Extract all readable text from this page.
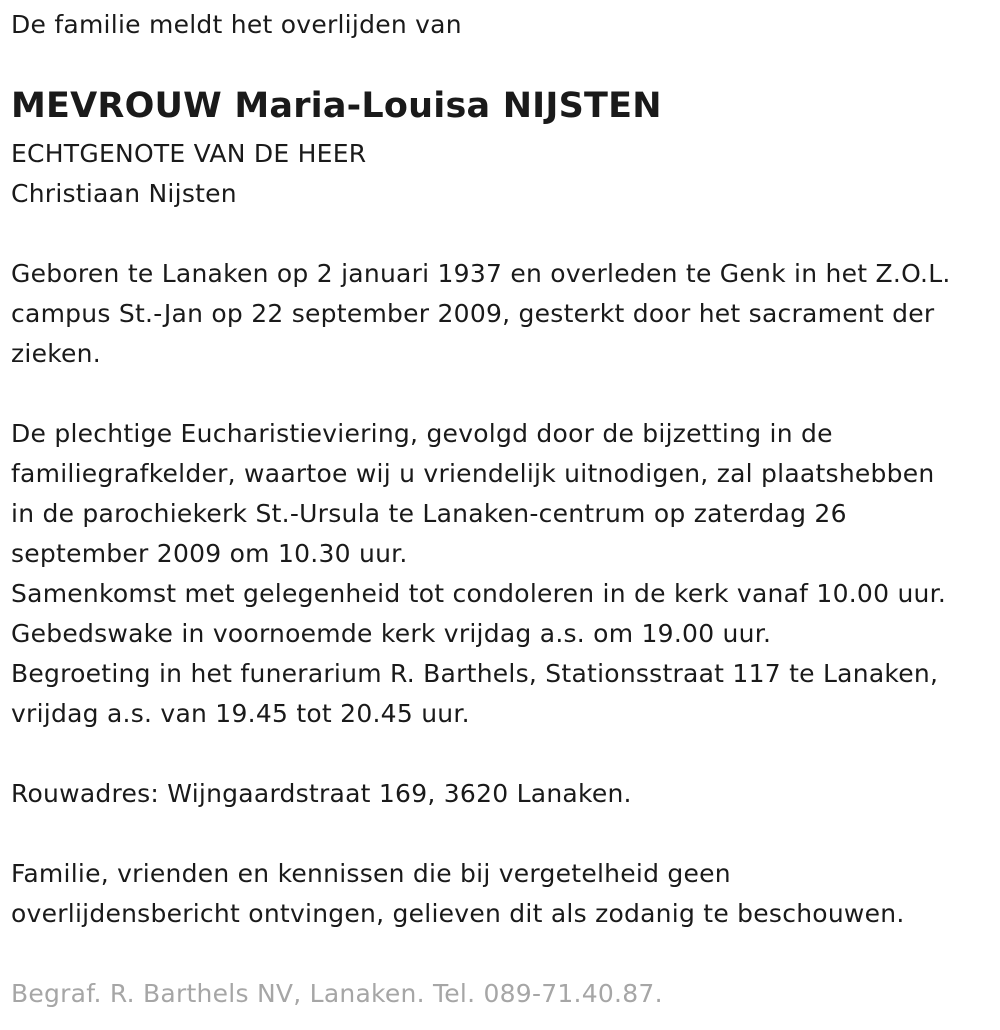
De familie meldt het overlijden van
MEVROUW Maria-Louisa NIJSTEN
ECHTGENOTE VAN DE HEER
Christiaan Nijsten
Geboren te Lanaken op 2 januari 1937 en overleden te Genk in het Z.O.L.
campus St.-Jan op 22 september 2009, gesterkt door het sacrament der
zieken.
De plechtige Eucharistieviering, gevolgd door de bijzetting in de
familiegrafkelder, waartoe wij u vriendelijk uitnodigen, zal plaatshebben
in de parochiekerk St.-Ursula te Lanaken-centrum op zaterdag 26
september 2009 om 10.30 uur.
Samenkomst met gelegenheid tot condoleren in de kerk vanaf 10.00 uur.
Gebedswake in voornoemde kerk vrijdag a.s. om 19.00 uur.
Begroeting in het funerarium R. Barthels, Stationsstraat 117 te Lanaken,
vrijdag a.s. van 19.45 tot 20.45 uur.
Rouwadres: Wijngaardstraat 169, 3620 Lanaken.
Familie, vrienden en kennissen die bij vergetelheid geen
overlijdensbericht ontvingen, gelieven dit als zodanig te beschouwen.
Begraf. R. Barthels NV, Lanaken. Tel. 089-71.40.87.
